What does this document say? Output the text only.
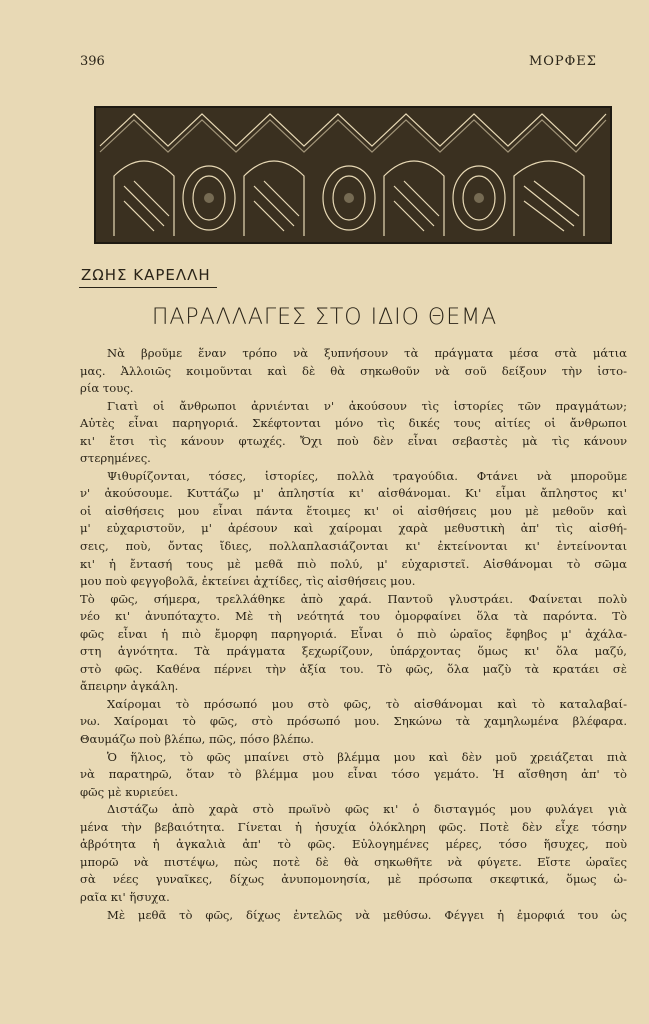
396	ΜΟΡΦΕΣ
ΖΩΗΣ ΚΑΡΕΛΛΗ
ΠΑΡΑΛΛΑΓΕΣ ΣΤΟ ΙΔΙΟ ΘΕΜΑ

Νὰ βροῦμε ἕναν τρόπο νὰ ξυπνήσουν τὰ πράγματα μέσα στὰ μάτια

μας. Ἀλλοιῶς κοιμοῦνται καὶ δὲ θὰ σηκωθοῦν νὰ σοῦ δείξουν τὴν ἱστο-

ρία τους.

Γιατὶ οἱ ἄνθρωποι ἀρνιένται ν' ἀκούσουν τὶς ἱστορίες τῶν πραγμάτων;

Αὐτὲς εἶναι παρηγοριά. Σκέφτονται μόνο τὶς δικές τους αἰτίες οἱ ἄνθρωποι

κι' ἔτσι τὶς κάνουν φτωχές. Ὄχι ποὺ δὲν εἶναι σεβαστὲς μὰ τὶς κάνουν

στερημένες.

Ψιθυρίζονται, τόσες, ἱστορίες, πολλὰ τραγούδια. Φτάνει νὰ μποροῦμε

ν' ἀκούσουμε. Κυττάζω μ' ἀπληστία κι' αἰσθάνομαι. Κι' εἶμαι ἄπληστος κι'

οἱ αἰσθήσεις μου εἶναι πάντα ἕτοιμες κι' οἱ αἰσθήσεις μου μὲ μεθοῦν καὶ

μ' εὐχαριστοῦν, μ' ἀρέσουν καὶ χαίρομαι χαρὰ μεθυστικὴ ἀπ' τὶς αἰσθή-

σεις, ποὺ, ὄντας ἴδιες, πολλαπλασιάζονται κι' ἐκτείνονται κι' ἐντείνονται

κι' ἡ ἔντασή τους μὲ μεθᾶ πιὸ πολύ, μ' εὐχαριστεῖ. Αἰσθάνομαι τὸ σῶμα

μου ποὺ φεγγοβολᾶ, ἐκτείνει ἀχτίδες, τὶς αἰσθήσεις μου.

Τὸ φῶς, σήμερα, τρελλάθηκε ἀπὸ χαρά. Παντοῦ γλυστράει. Φαίνεται πολὺ

νέο κι' ἀνυπόταχτο. Μὲ τὴ νεότητά του ὀμορφαίνει ὅλα τὰ παρόντα. Τὸ

φῶς εἶναι ἡ πιὸ ἔμορφη παρηγοριά. Εἶναι ὁ πιὸ ὡραῖος ἔφηβος μ' ἀχάλα-

στη ἀγνότητα. Τὰ πράγματα ξεχωρίζουν, ὑπάρχοντας ὅμως κι' ὅλα μαζύ,

στὸ φῶς. Καθένα πέρνει τὴν ἀξία του. Τὸ φῶς, ὅλα μαζὺ τὰ κρατάει σὲ

ἄπειρην ἀγκάλη.

Χαίρομαι τὸ πρόσωπό μου στὸ φῶς, τὸ αἰσθάνομαι καὶ τὸ καταλαβαί-

νω. Χαίρομαι τὸ φῶς, στὸ πρόσωπό μου. Σηκώνω τὰ χαμηλωμένα βλέφαρα.

Θαυμάζω ποὺ βλέπω, πῶς, πόσο βλέπω.

Ὁ ἥλιος, τὸ φῶς μπαίνει στὸ βλέμμα μου καὶ δὲν μοῦ χρειάζεται πιὰ

νὰ παρατηρῶ, ὅταν τὸ βλέμμα μου εἶναι τόσο γεμάτο. Ἡ αἴσθηση ἀπ' τὸ

φῶς μὲ κυριεύει.

Διστάζω ἀπὸ χαρὰ στὸ πρωϊνὸ φῶς κι' ὁ δισταγμός μου φυλάγει γιὰ

μένα τὴν βεβαιότητα. Γίνεται ἡ ἡσυχία ὁλόκληρη φῶς. Ποτὲ δὲν εἶχε τόσην

ἀβρότητα ἡ ἀγκαλιὰ ἀπ' τὸ φῶς. Εὐλογημένες μέρες, τόσο ἥσυχες, ποὺ

μπορῶ νὰ πιστέψω, πὼς ποτὲ δὲ θὰ σηκωθῆτε νὰ φύγετε. Εἴστε ὡραῖες

σὰ νέες γυναῖκες, δίχως ἀνυπομονησία, μὲ πρόσωπα σκεφτικά, ὅμως ὡ-

ραῖα κι' ἥσυχα.

Μὲ μεθᾶ τὸ φῶς, δίχως ἐντελῶς νὰ μεθύσω. Φέγγει ἡ ἐμορφιά του ὡς
